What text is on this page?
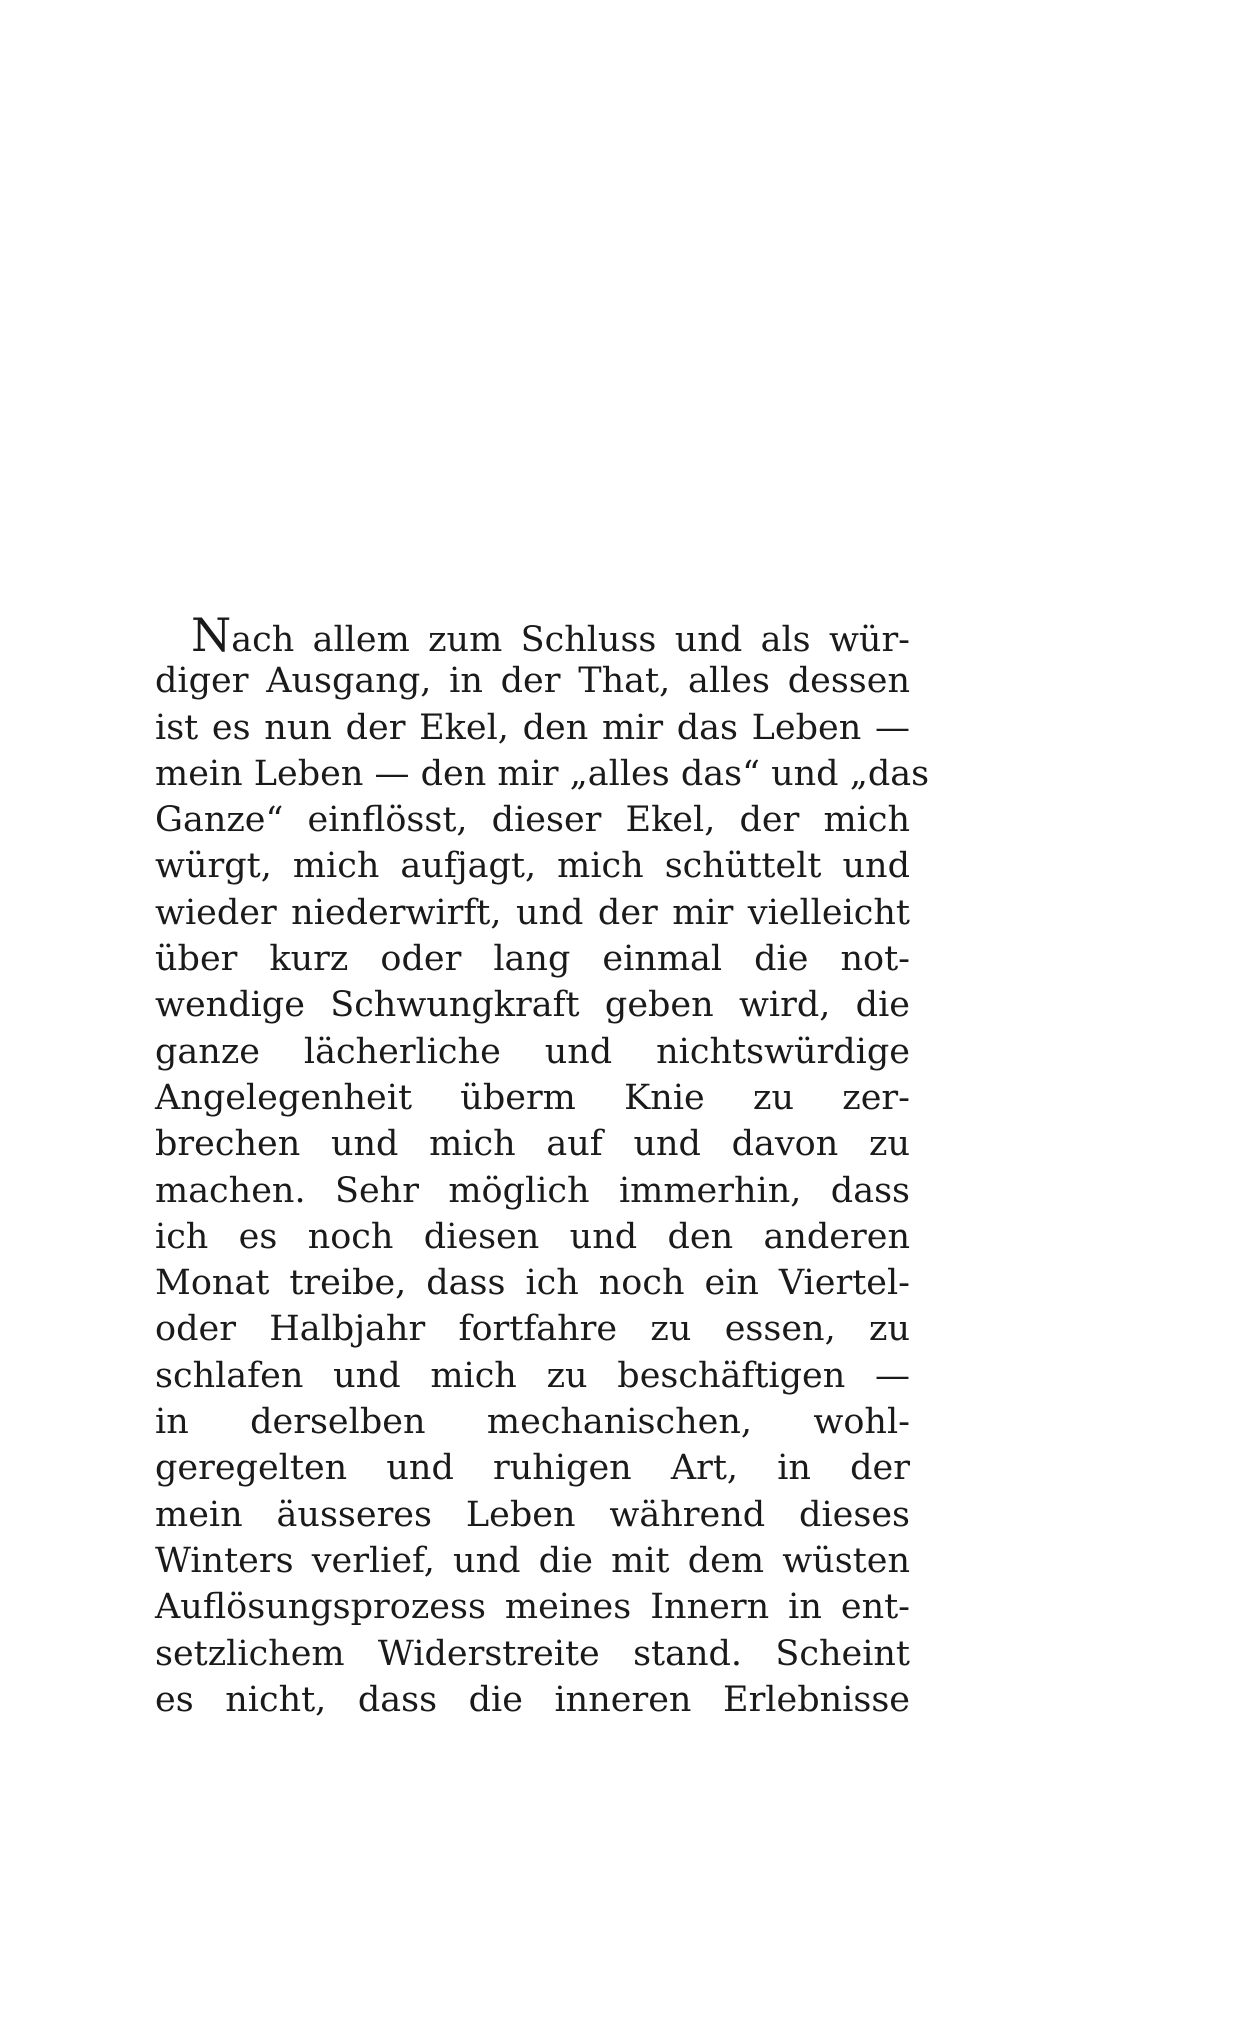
Nach allem zum Schluss und als wür-
diger Ausgang, in der That, alles dessen
ist es nun der Ekel, den mir das Leben —
mein Leben — den mir „alles das“ und „das
Ganze“ einflösst, dieser Ekel, der mich
würgt, mich aufjagt, mich schüttelt und
wieder niederwirft, und der mir vielleicht
über kurz oder lang einmal die not-
wendige Schwungkraft geben wird, die
ganze lächerliche und nichtswürdige
Angelegenheit überm Knie zu zer-
brechen und mich auf und davon zu
machen. Sehr möglich immerhin, dass
ich es noch diesen und den anderen
Monat treibe, dass ich noch ein Viertel-
oder Halbjahr fortfahre zu essen, zu
schlafen und mich zu beschäftigen —
in derselben mechanischen, wohl-
geregelten und ruhigen Art, in der
mein äusseres Leben während dieses
Winters verlief, und die mit dem wüsten
Auflösungsprozess meines Innern in ent-
setzlichem Widerstreite stand. Scheint
es nicht, dass die inneren Erlebnisse
